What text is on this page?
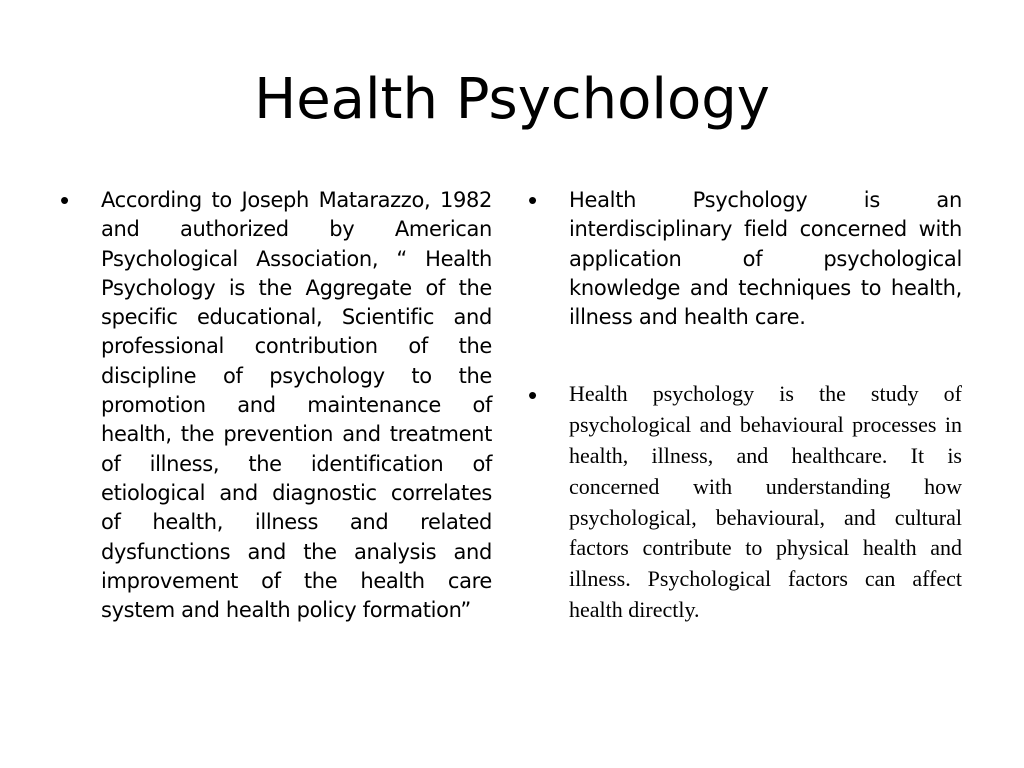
Health Psychology
• According to Joseph Matarazzo, 1982 and authorized by American Psychological Association, “ Health Psychology is the Aggregate of the specific educational, Scientific and professional contribution of the discipline of psychology to the promotion and maintenance of health, the prevention and treatment of illness, the identification of etiological and diagnostic correlates of health, illness and related dysfunctions and the analysis and improvement of the health care system and health policy formation”
• Health Psychology is an interdisciplinary field concerned with application of psychological knowledge and techniques to health, illness and health care.
• Health psychology is the study of psychological and behavioural processes in health, illness, and healthcare. It is concerned with understanding how psychological, behavioural, and cultural factors contribute to physical health and illness. Psychological factors can affect health directly.
